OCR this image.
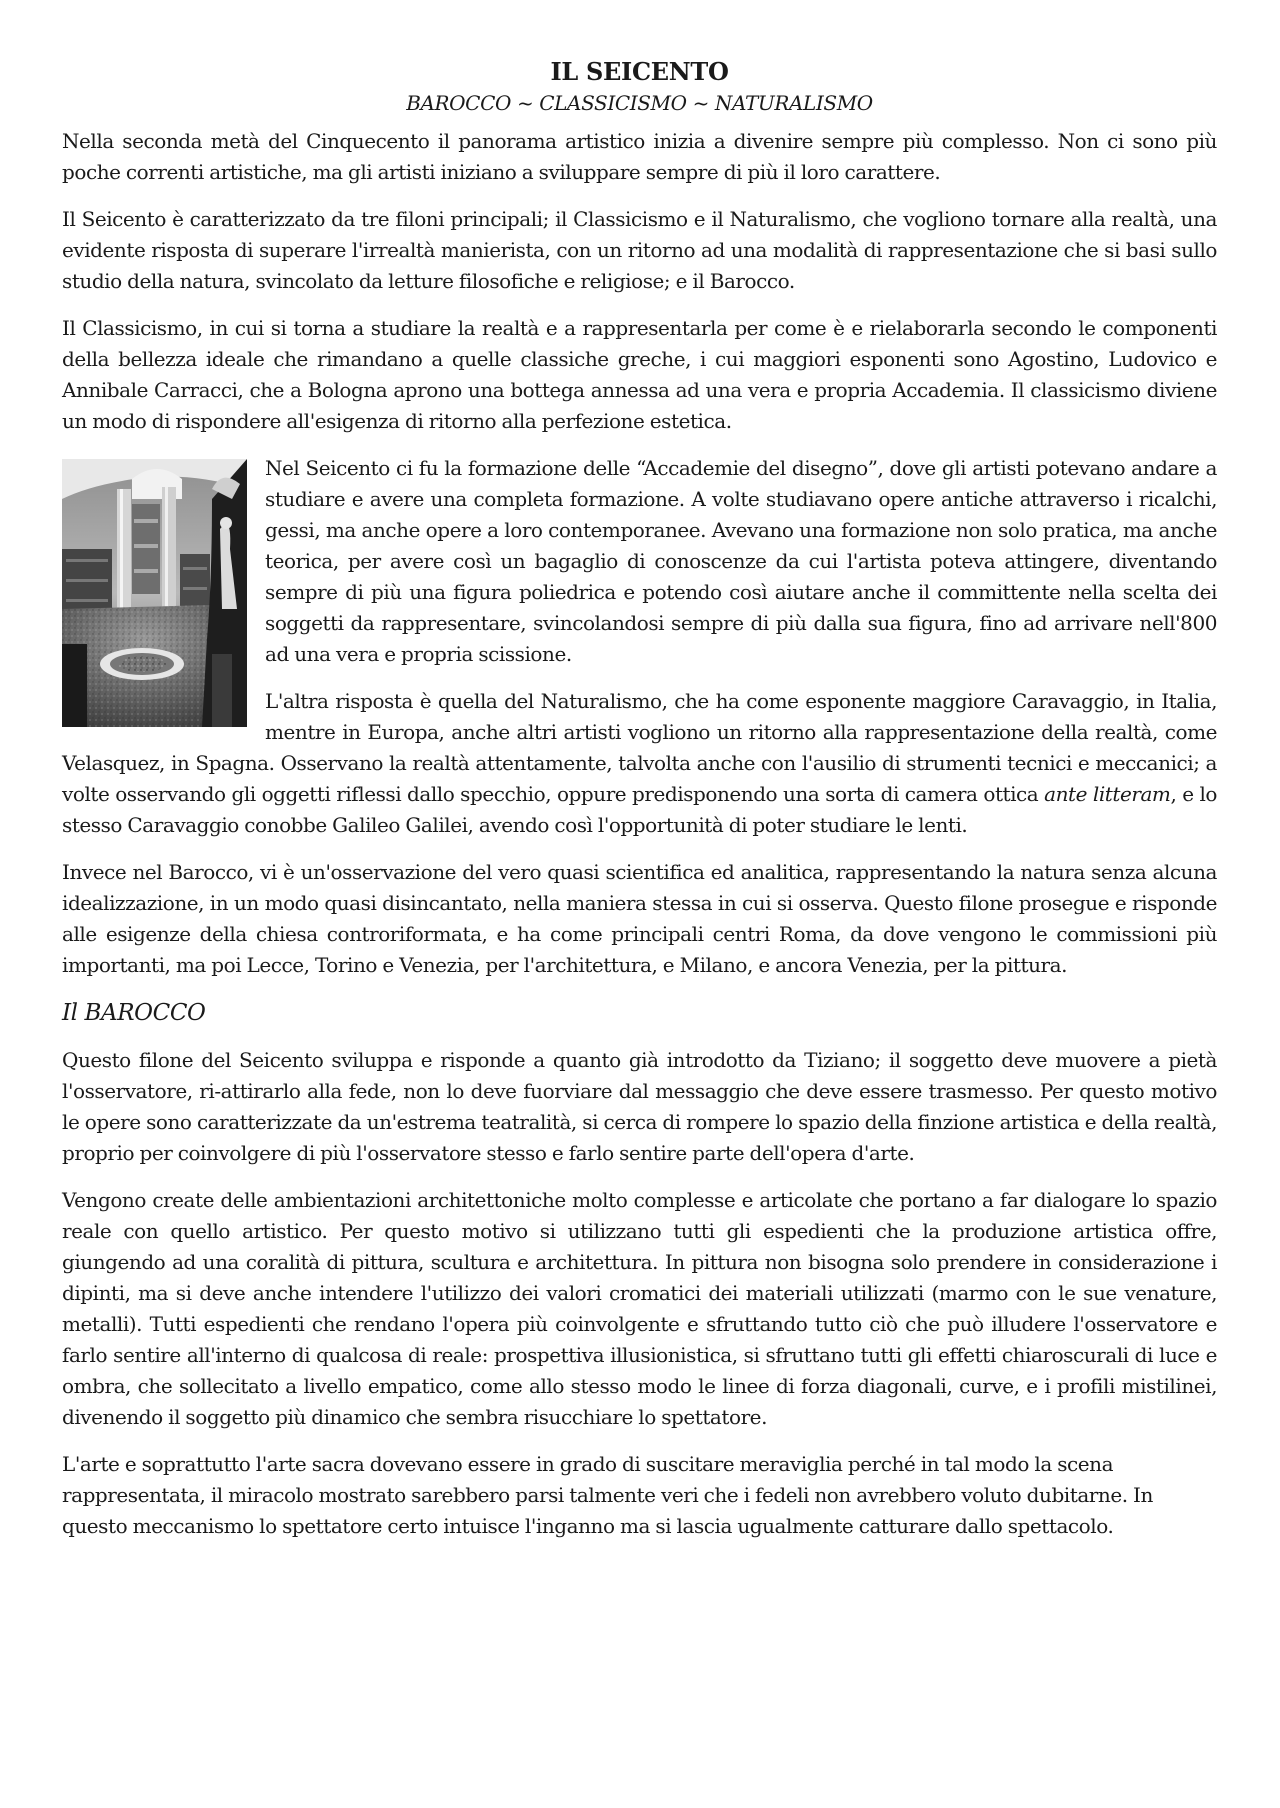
IL SEICENTO
BAROCCO ~ CLASSICISMO ~ NATURALISMO

Nella seconda metà del Cinquecento il panorama artistico inizia a divenire sempre più complesso. Non ci sono più poche correnti artistiche, ma gli artisti iniziano a sviluppare sempre di più il loro carattere.

Il Seicento è caratterizzato da tre filoni principali; il Classicismo e il Naturalismo, che vogliono tornare alla realtà, una evidente risposta di superare l'irrealtà manierista, con un ritorno ad una modalità di rappresentazione che si basi sullo studio della natura, svincolato da letture filosofiche e religiose; e il Barocco.

Il Classicismo, in cui si torna a studiare la realtà e a rappresentarla per come è e rielaborarla secondo le componenti della bellezza ideale che rimandano a quelle classiche greche, i cui maggiori esponenti sono Agostino, Ludovico e Annibale Carracci, che a Bologna aprono una bottega annessa ad una vera e propria Accademia. Il classicismo diviene un modo di rispondere all'esigenza di ritorno alla perfezione estetica.

Nel Seicento ci fu la formazione delle “Accademie del disegno”, dove gli artisti potevano andare a studiare e avere una completa formazione. A volte studiavano opere antiche attraverso i ricalchi, gessi, ma anche opere a loro contemporanee. Avevano una formazione non solo pratica, ma anche teorica, per avere così un bagaglio di conoscenze da cui l'artista poteva attingere, diventando sempre di più una figura poliedrica e potendo così aiutare anche il committente nella scelta dei soggetti da rappresentare, svincolandosi sempre di più dalla sua figura, fino ad arrivare nell'800 ad una vera e propria scissione.

L'altra risposta è quella del Naturalismo, che ha come esponente maggiore Caravaggio, in Italia, mentre in Europa, anche altri artisti vogliono un ritorno alla rappresentazione della realtà, come Velasquez, in Spagna. Osservano la realtà attentamente, talvolta anche con l'ausilio di strumenti tecnici e meccanici; a volte osservando gli oggetti riflessi dallo specchio, oppure predisponendo una sorta di camera ottica ante litteram, e lo stesso Caravaggio conobbe Galileo Galilei, avendo così l'opportunità di poter studiare le lenti.

Invece nel Barocco, vi è un'osservazione del vero quasi scientifica ed analitica, rappresentando la natura senza alcuna idealizzazione, in un modo quasi disincantato, nella maniera stessa in cui si osserva. Questo filone prosegue e risponde alle esigenze della chiesa controriformata, e ha come principali centri Roma, da dove vengono le commissioni più importanti, ma poi Lecce, Torino e Venezia, per l'architettura, e Milano, e ancora Venezia, per la pittura.

Il BAROCCO

Questo filone del Seicento sviluppa e risponde a quanto già introdotto da Tiziano; il soggetto deve muovere a pietà l'osservatore, ri-attirarlo alla fede, non lo deve fuorviare dal messaggio che deve essere trasmesso. Per questo motivo le opere sono caratterizzate da un'estrema teatralità, si cerca di rompere lo spazio della finzione artistica e della realtà, proprio per coinvolgere di più l'osservatore stesso e farlo sentire parte dell'opera d'arte.

Vengono create delle ambientazioni architettoniche molto complesse e articolate che portano a far dialogare lo spazio reale con quello artistico. Per questo motivo si utilizzano tutti gli espedienti che la produzione artistica offre, giungendo ad una coralità di pittura, scultura e architettura. In pittura non bisogna solo prendere in considerazione i dipinti, ma si deve anche intendere l'utilizzo dei valori cromatici dei materiali utilizzati (marmo con le sue venature, metalli). Tutti espedienti che rendano l'opera più coinvolgente e sfruttando tutto ciò che può illudere l'osservatore e farlo sentire all'interno di qualcosa di reale: prospettiva illusionistica, si sfruttano tutti gli effetti chiaroscurali di luce e ombra, che sollecitato a livello empatico, come allo stesso modo le linee di forza diagonali, curve, e i profili mistilinei, divenendo il soggetto più dinamico che sembra risucchiare lo spettatore.

L'arte e soprattutto l'arte sacra dovevano essere in grado di suscitare meraviglia perché in tal modo la scena rappresentata, il miracolo mostrato sarebbero parsi talmente veri che i fedeli non avrebbero voluto dubitarne. In questo meccanismo lo spettatore certo intuisce l'inganno ma si lascia ugualmente catturare dallo spettacolo.
